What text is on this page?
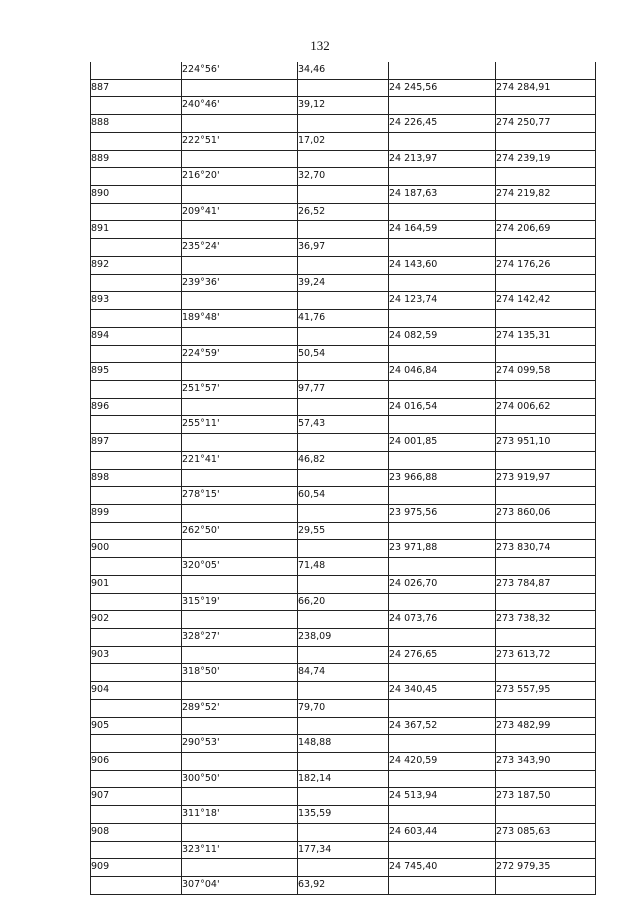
132
	224°56'	34,46		
887			24 245,56	274 284,91
	240°46'	39,12		
888			24 226,45	274 250,77
	222°51'	17,02		
889			24 213,97	274 239,19
	216°20'	32,70		
890			24 187,63	274 219,82
	209°41'	26,52		
891			24 164,59	274 206,69
	235°24'	36,97		
892			24 143,60	274 176,26
	239°36'	39,24		
893			24 123,74	274 142,42
	189°48'	41,76		
894			24 082,59	274 135,31
	224°59'	50,54		
895			24 046,84	274 099,58
	251°57'	97,77		
896			24 016,54	274 006,62
	255°11'	57,43		
897			24 001,85	273 951,10
	221°41'	46,82		
898			23 966,88	273 919,97
	278°15'	60,54		
899			23 975,56	273 860,06
	262°50'	29,55		
900			23 971,88	273 830,74
	320°05'	71,48		
901			24 026,70	273 784,87
	315°19'	66,20		
902			24 073,76	273 738,32
	328°27'	238,09		
903			24 276,65	273 613,72
	318°50'	84,74		
904			24 340,45	273 557,95
	289°52'	79,70		
905			24 367,52	273 482,99
	290°53'	148,88		
906			24 420,59	273 343,90
	300°50'	182,14		
907			24 513,94	273 187,50
	311°18'	135,59		
908			24 603,44	273 085,63
	323°11'	177,34		
909			24 745,40	272 979,35
	307°04'	63,92		
